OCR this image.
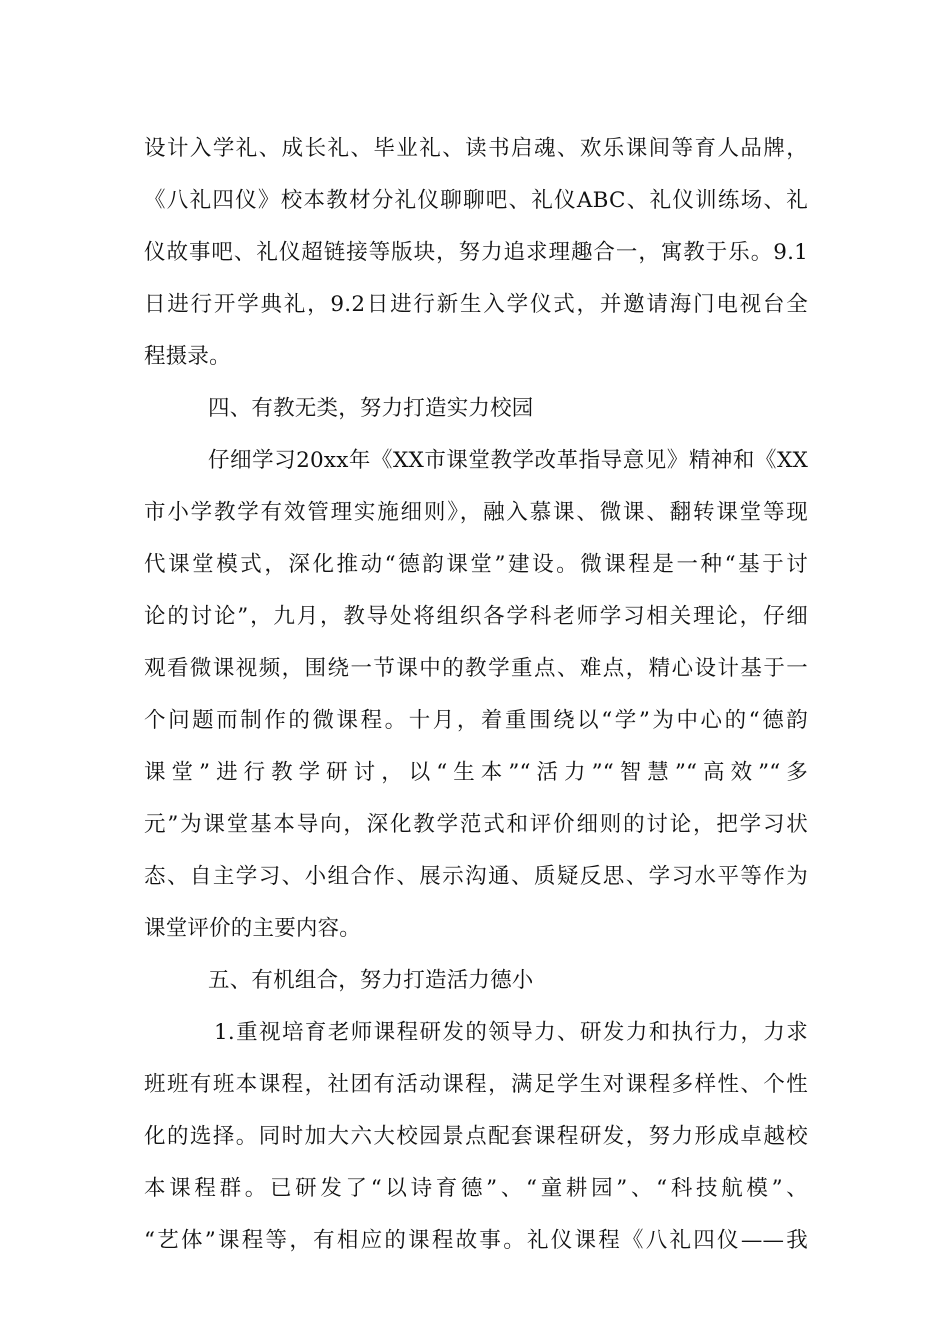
设计入学礼、成长礼、毕业礼、读书启魂、欢乐课间等育人品牌，
《八礼四仪》校本教材分礼仪聊聊吧、礼仪ABC、礼仪训练场、礼
仪故事吧、礼仪超链接等版块，努力追求理趣合一，寓教于乐。9.1
日进行开学典礼，9.2日进行新生入学仪式，并邀请海门电视台全
程摄录。
四、有教无类，努力打造实力校园
仔细学习20xx年《XX市课堂教学改革指导意见》精神和《XX
市小学教学有效管理实施细则》，融入慕课、微课、翻转课堂等现
代课堂模式，深化推动“德韵课堂”建设。微课程是一种“基于讨
论的讨论”，九月，教导处将组织各学科老师学习相关理论，仔细
观看微课视频，围绕一节课中的教学重点、难点，精心设计基于一
个问题而制作的微课程。十月，着重围绕以“学”为中心的“德韵
课堂”进行教学研讨，以“生本”“活力”“智慧”“高效”“多
元”为课堂基本导向，深化教学范式和评价细则的讨论，把学习状
态、自主学习、小组合作、展示沟通、质疑反思、学习水平等作为
课堂评价的主要内容。
五、有机组合，努力打造活力德小
1.重视培育老师课程研发的领导力、研发力和执行力，力求
班班有班本课程，社团有活动课程，满足学生对课程多样性、个性
化的选择。同时加大六大校园景点配套课程研发，努力形成卓越校
本课程群。已研发了“以诗育德”、“童耕园”、“科技航模”、
“艺体”课程等，有相应的课程故事。礼仪课程《八礼四仪——我
